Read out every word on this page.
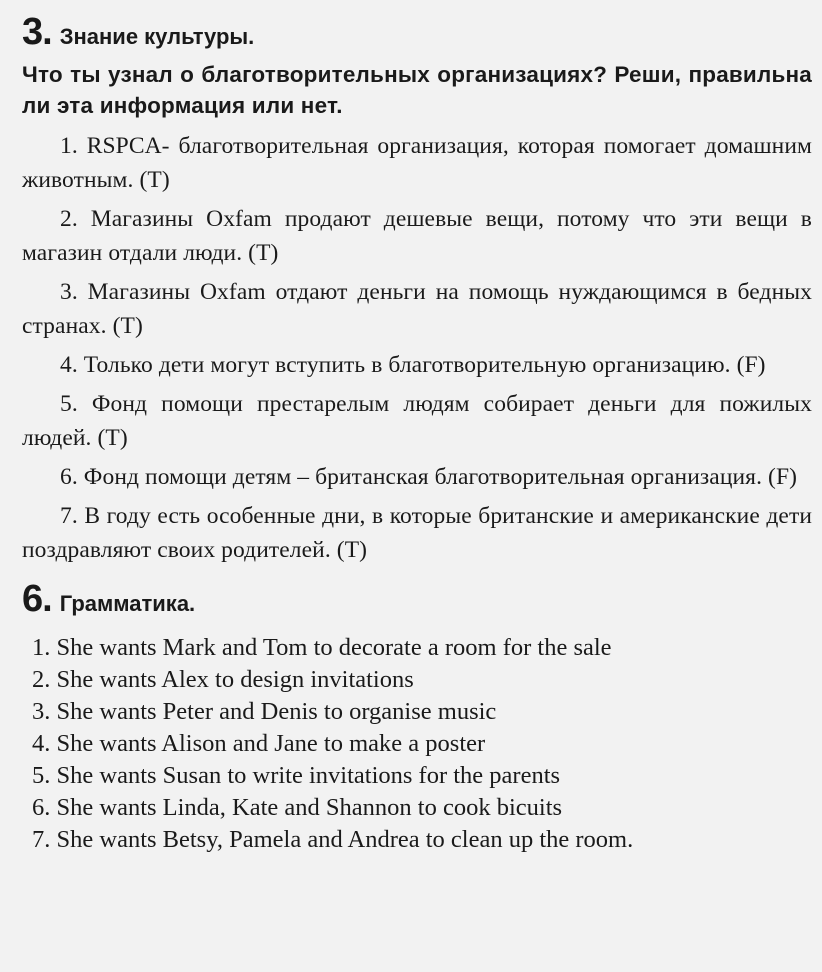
3. Знание культуры.
Что ты узнал о благотворительных организациях? Реши, правильна ли эта информация или нет.
1. RSPCA- благотворительная организация, которая помогает домашним животным. (T)
2. Магазины Oxfam продают дешевые вещи, потому что эти вещи в магазин отдали люди. (T)
3. Магазины Oxfam отдают деньги на помощь нуждающимся в бедных странах. (T)
4. Только дети могут вступить в благотворительную организацию. (F)
5. Фонд помощи престарелым людям собирает деньги для пожилых людей. (T)
6. Фонд помощи детям – британская благотворительная организация. (F)
7. В году есть особенные дни, в которые британские и американские дети поздравляют своих родителей. (T)
6. Грамматика.
1. She wants Mark and Tom to decorate a room for the sale
2. She wants Alex to design invitations
3. She wants Peter and Denis to organise music
4. She wants Alison and Jane to make a poster
5. She wants Susan to write invitations for the parents
6. She wants Linda, Kate and Shannon to cook bicuits
7. She wants Betsy, Pamela and Andrea to clean up the room.
